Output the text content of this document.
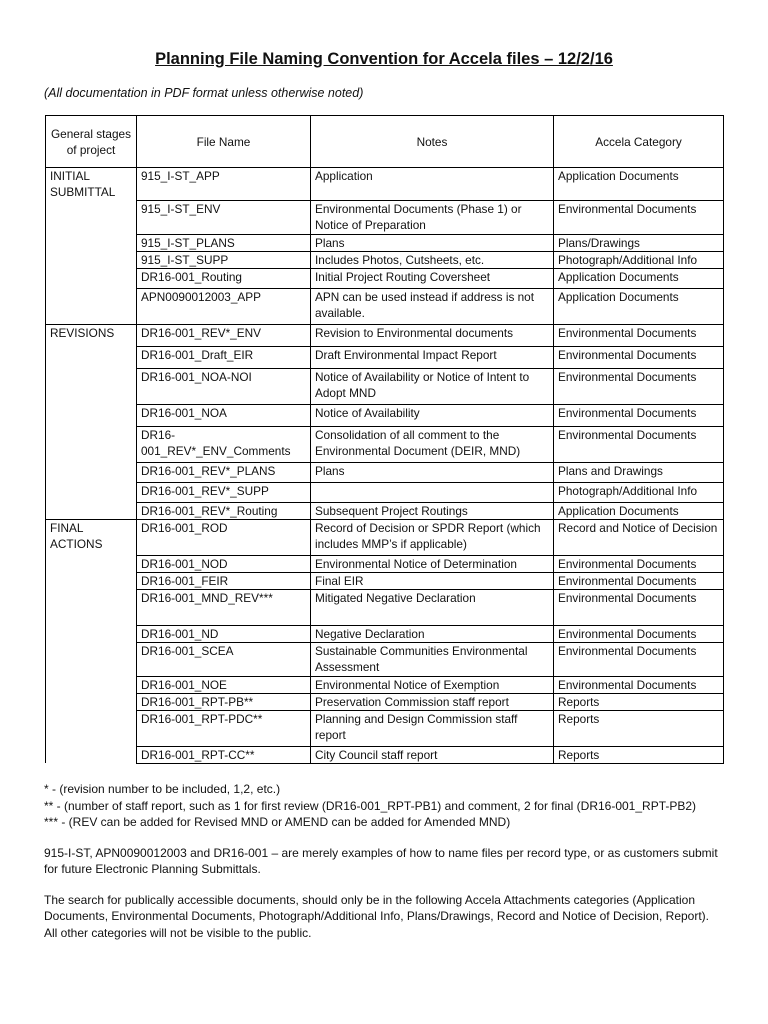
Planning File Naming Convention for Accela files – 12/2/16
(All documentation in PDF format unless otherwise noted)
General stages of project	File Name	Notes	Accela Category
INITIAL SUBMITTAL	915_I-ST_APP	Application	Application Documents
	915_I-ST_ENV	Environmental Documents (Phase 1) or Notice of Preparation	Environmental Documents
	915_I-ST_PLANS	Plans	Plans/Drawings
	915_I-ST_SUPP	Includes Photos, Cutsheets, etc.	Photograph/Additional Info
	DR16-001_Routing	Initial Project Routing Coversheet	Application Documents
	APN0090012003_APP	APN can be used instead if address is not available.	Application Documents
REVISIONS	DR16-001_REV*_ENV	Revision to Environmental documents	Environmental Documents
	DR16-001_Draft_EIR	Draft Environmental Impact Report	Environmental Documents
	DR16-001_NOA-NOI	Notice of Availability or Notice of Intent to Adopt MND	Environmental Documents
	DR16-001_NOA	Notice of Availability	Environmental Documents
	DR16-001_REV*_ENV_Comments	Consolidation of all comment to the Environmental Document (DEIR, MND)	Environmental Documents
	DR16-001_REV*_PLANS	Plans	Plans and Drawings
	DR16-001_REV*_SUPP		Photograph/Additional Info
	DR16-001_REV*_Routing	Subsequent Project Routings	Application Documents
FINAL ACTIONS	DR16-001_ROD	Record of Decision or SPDR Report (which includes MMP’s if applicable)	Record and Notice of Decision
	DR16-001_NOD	Environmental Notice of Determination	Environmental Documents
	DR16-001_FEIR	Final EIR	Environmental Documents
	DR16-001_MND_REV***	Mitigated Negative Declaration	Environmental Documents
	DR16-001_ND	Negative Declaration	Environmental Documents
	DR16-001_SCEA	Sustainable Communities Environmental Assessment	Environmental Documents
	DR16-001_NOE	Environmental Notice of Exemption	Environmental Documents
	DR16-001_RPT-PB**	Preservation Commission staff report	Reports
	DR16-001_RPT-PDC**	Planning and Design Commission staff report	Reports
	DR16-001_RPT-CC**	City Council staff report	Reports

* - (revision number to be included, 1,2, etc.)

** - (number of staff report, such as 1 for first review (DR16-001_RPT-PB1) and comment, 2 for final (DR16-001_RPT-PB2)

*** - (REV can be added for Revised MND or AMEND can be added for Amended MND)

915-I-ST, APN0090012003 and DR16-001 – are merely examples of how to name files per record type, or as customers submit for future Electronic Planning Submittals.

The search for publically accessible documents, should only be in the following Accela Attachments categories (Application Documents, Environmental Documents, Photograph/Additional Info, Plans/Drawings, Record and Notice of Decision, Report). All other categories will not be visible to the public.
